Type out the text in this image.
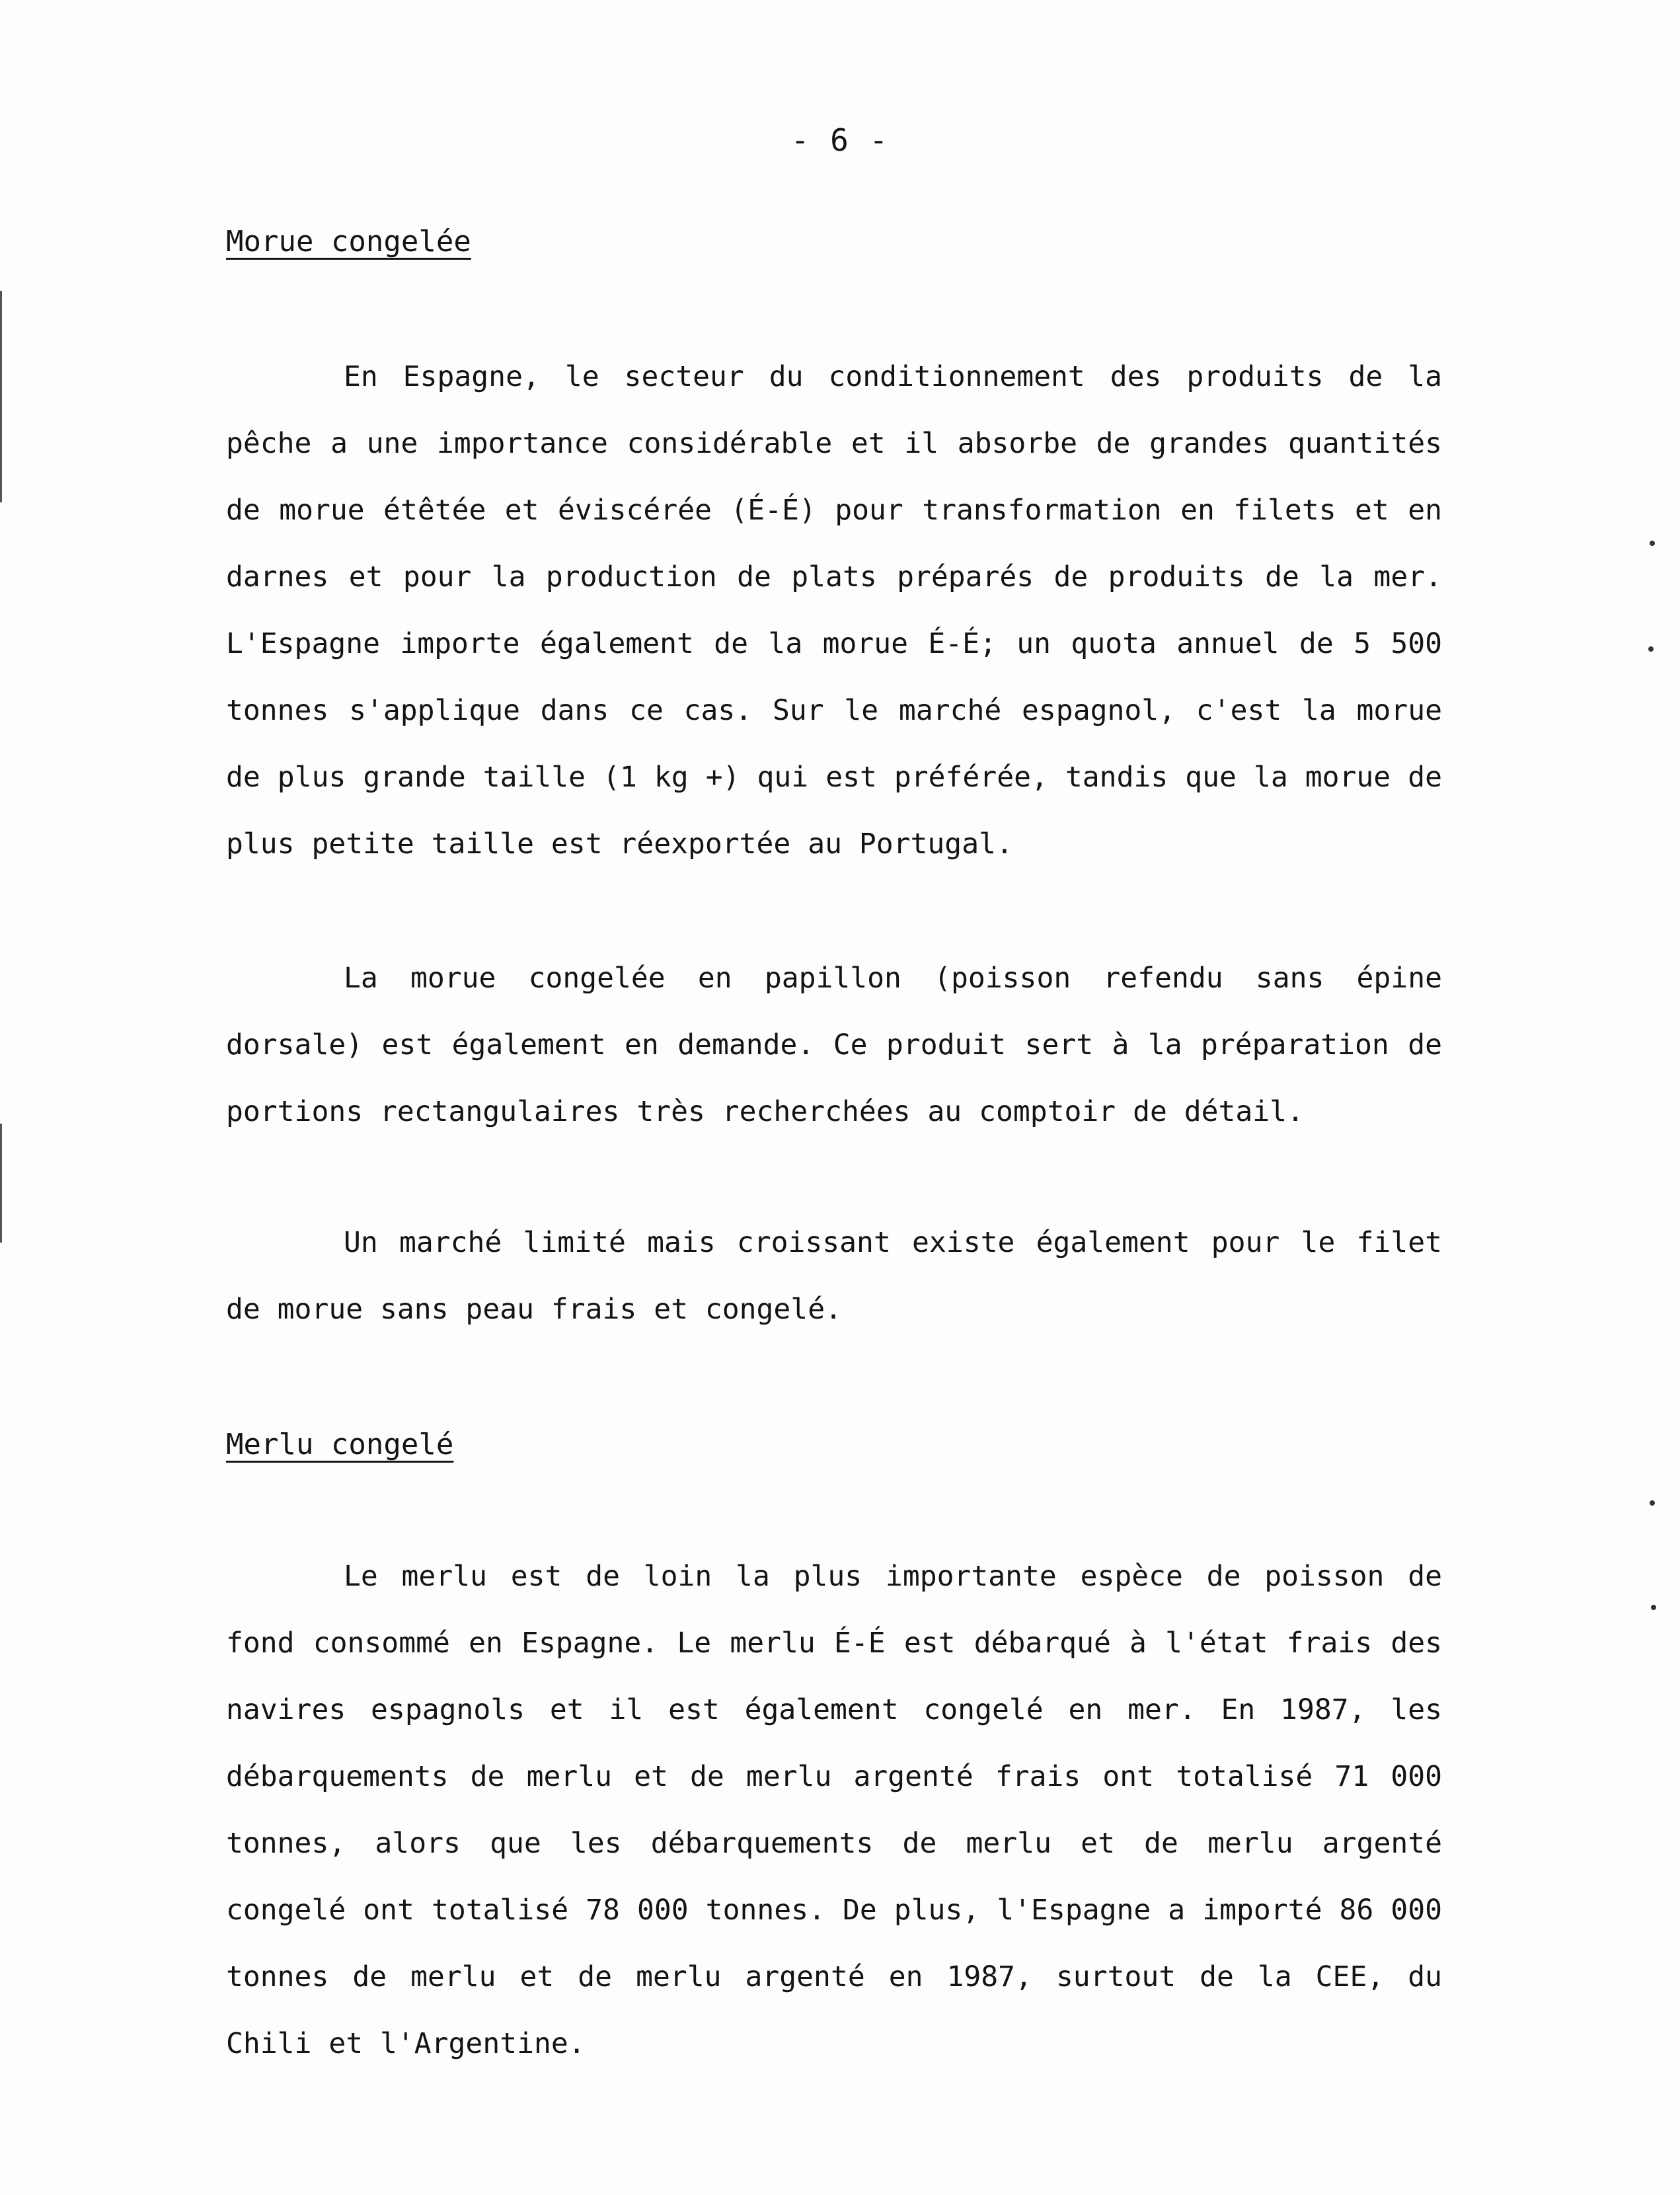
- 6 -
Morue congelée

En Espagne, le secteur du conditionnement des produits de la pêche a une importance considérable et il absorbe de grandes quantités de morue étêtée et éviscérée (É-É) pour transformation en filets et en darnes et pour la production de plats préparés de produits de la mer. L'Espagne importe également de la morue É-É; un quota annuel de 5 500 tonnes s'applique dans ce cas. Sur le marché espagnol, c'est la morue de plus grande taille (1 kg +) qui est préférée, tandis que la morue de plus petite taille est réexportée au Portugal.

La morue congelée en papillon (poisson refendu sans épine dorsale) est également en demande. Ce produit sert à la préparation de portions rectangulaires très recherchées au comptoir de détail.

Un marché limité mais croissant existe également pour le filet de morue sans peau frais et congelé.

Merlu congelé

Le merlu est de loin la plus importante espèce de poisson de fond consommé en Espagne. Le merlu É-É est débarqué à l'état frais des navires espagnols et il est également congelé en mer. En 1987, les débarquements de merlu et de merlu argenté frais ont totalisé 71 000 tonnes, alors que les débarquements de merlu et de merlu argenté congelé ont totalisé 78 000 tonnes. De plus, l'Espagne a importé 86 000 tonnes de merlu et de merlu argenté en 1987, surtout de la CEE, du Chili et l'Argentine.
